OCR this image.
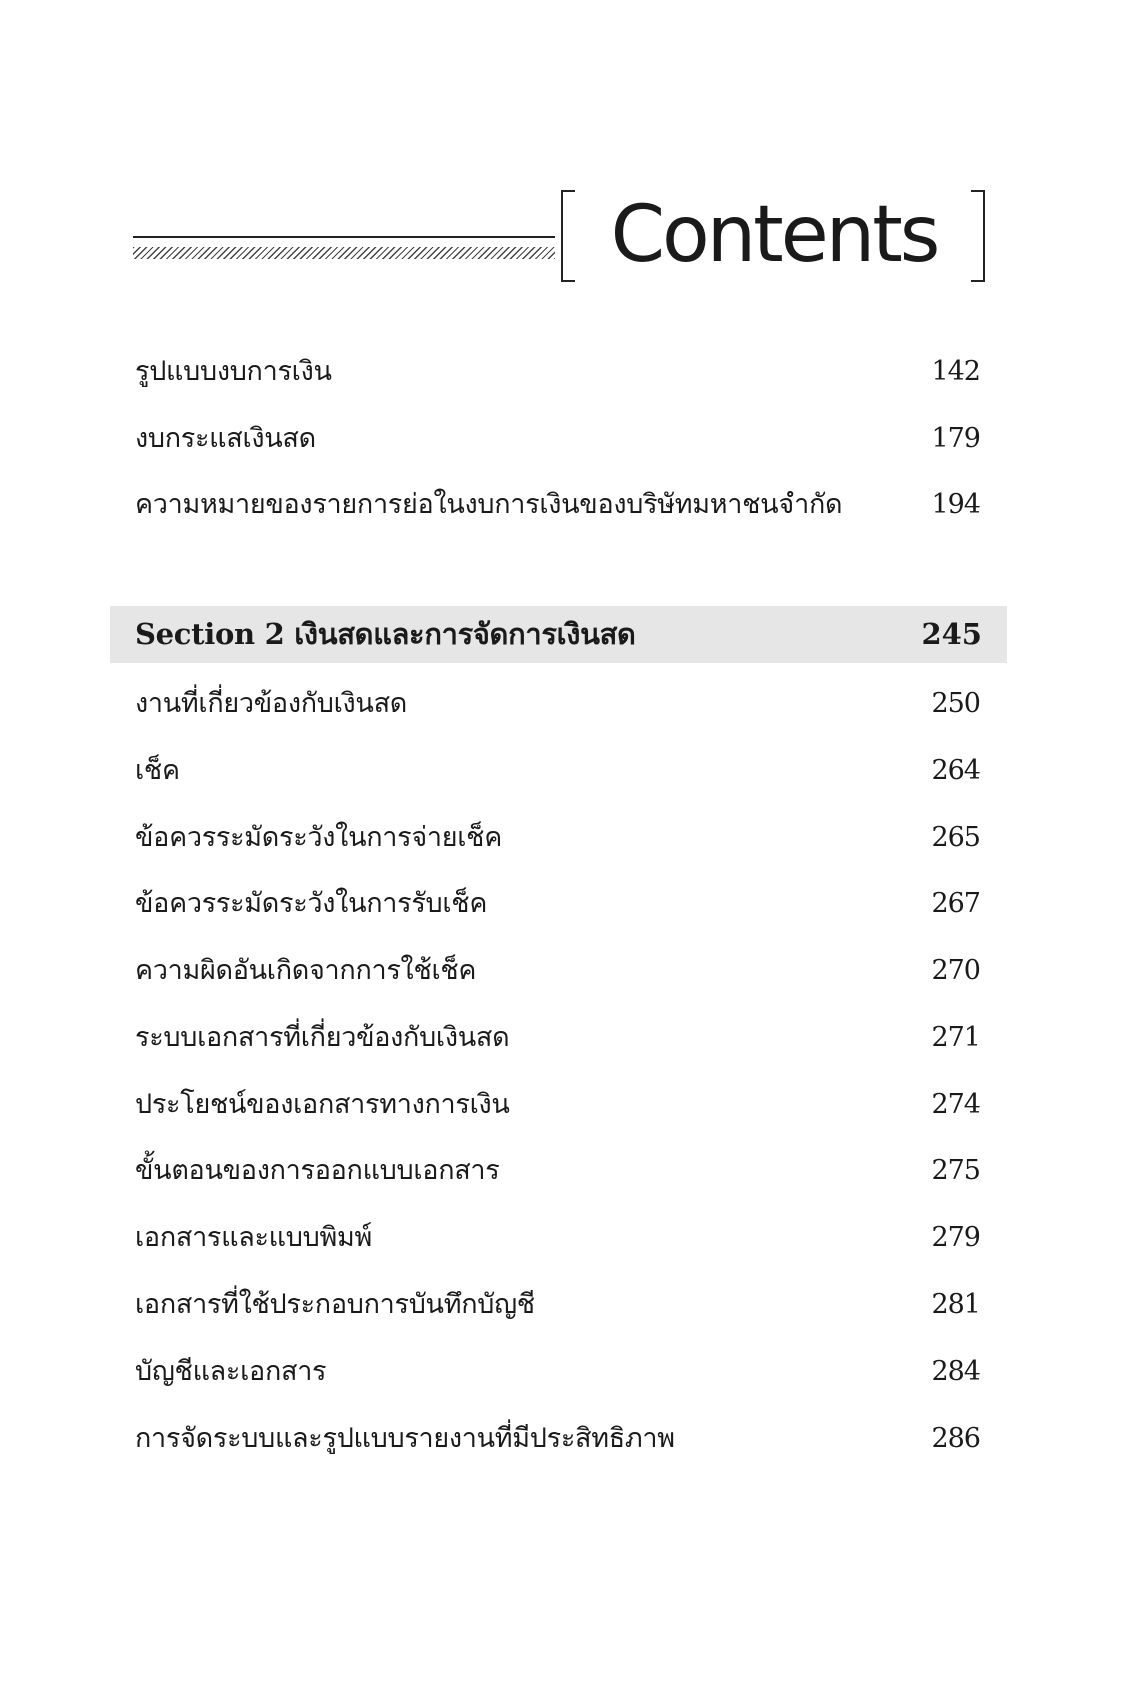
Contents
รูปแบบงบการเงิน	142
งบกระแสเงินสด	179
ความหมายของรายการย่อในงบการเงินของบริษัทมหาชนจำกัด	194
Section 2 เงินสดและการจัดการเงินสด	245
งานที่เกี่ยวข้องกับเงินสด	250
เช็ค	264
ข้อควรระมัดระวังในการจ่ายเช็ค	265
ข้อควรระมัดระวังในการรับเช็ค	267
ความผิดอันเกิดจากการใช้เช็ค	270
ระบบเอกสารที่เกี่ยวข้องกับเงินสด	271
ประโยชน์ของเอกสารทางการเงิน	274
ขั้นตอนของการออกแบบเอกสาร	275
เอกสารและแบบพิมพ์	279
เอกสารที่ใช้ประกอบการบันทึกบัญชี	281
บัญชีและเอกสาร	284
การจัดระบบและรูปแบบรายงานที่มีประสิทธิภาพ	286
